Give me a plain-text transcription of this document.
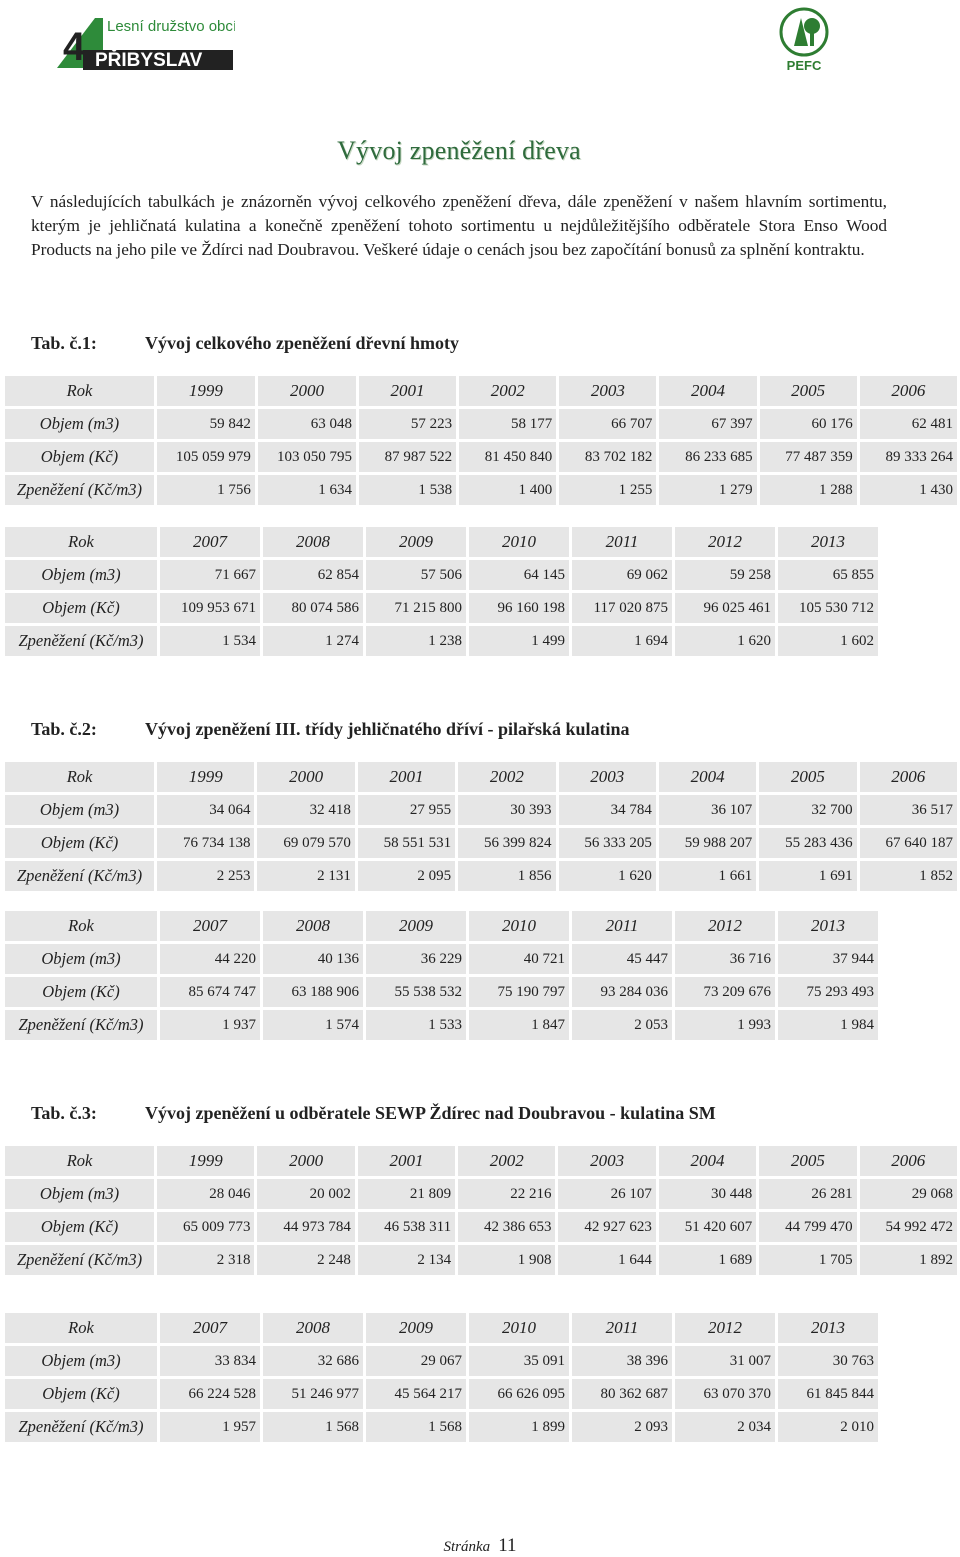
Lesní družstvo obcí
PŘIBYSLAV
4	PEFC
Vývoj zpeněžení dřeva
V následujících tabulkách je znázorněn vývoj celkového zpeněžení dřeva, dále zpeněžení v našem hlavním sortimentu, kterým je jehličnatá kulatina a konečně zpeněžení tohoto sortimentu u nejdůležitějšího odběratele Stora Enso Wood Products na jeho pile ve Ždírci nad Doubravou. Veškeré údaje o cenách jsou bez započítání bonusů za splnění kontraktu.
Tab. č.1:	Vývoj celkového zpeněžení dřevní hmoty
Rok	1999	2000	2001	2002	2003	2004	2005	2006
Objem (m3)	59 842	63 048	57 223	58 177	66 707	67 397	60 176	62 481
Objem (Kč)	105 059 979	103 050 795	87 987 522	81 450 840	83 702 182	86 233 685	77 487 359	89 333 264
Zpeněžení (Kč/m3)	1 756	1 634	1 538	1 400	1 255	1 279	1 288	1 430
Rok	2007	2008	2009	2010	2011	2012	2013
Objem (m3)	71 667	62 854	57 506	64 145	69 062	59 258	65 855
Objem (Kč)	109 953 671	80 074 586	71 215 800	96 160 198	117 020 875	96 025 461	105 530 712
Zpeněžení (Kč/m3)	1 534	1 274	1 238	1 499	1 694	1 620	1 602
Tab. č.2:	Vývoj zpeněžení III. třídy jehličnatého dříví - pilařská kulatina
Rok	1999	2000	2001	2002	2003	2004	2005	2006
Objem (m3)	34 064	32 418	27 955	30 393	34 784	36 107	32 700	36 517
Objem (Kč)	76 734 138	69 079 570	58 551 531	56 399 824	56 333 205	59 988 207	55 283 436	67 640 187
Zpeněžení (Kč/m3)	2 253	2 131	2 095	1 856	1 620	1 661	1 691	1 852
Rok	2007	2008	2009	2010	2011	2012	2013
Objem (m3)	44 220	40 136	36 229	40 721	45 447	36 716	37 944
Objem (Kč)	85 674 747	63 188 906	55 538 532	75 190 797	93 284 036	73 209 676	75 293 493
Zpeněžení (Kč/m3)	1 937	1 574	1 533	1 847	2 053	1 993	1 984
Tab. č.3:	Vývoj zpeněžení u odběratele SEWP Ždírec nad Doubravou - kulatina SM
Rok	1999	2000	2001	2002	2003	2004	2005	2006
Objem (m3)	28 046	20 002	21 809	22 216	26 107	30 448	26 281	29 068
Objem (Kč)	65 009 773	44 973 784	46 538 311	42 386 653	42 927 623	51 420 607	44 799 470	54 992 472
Zpeněžení (Kč/m3)	2 318	2 248	2 134	1 908	1 644	1 689	1 705	1 892
Rok	2007	2008	2009	2010	2011	2012	2013
Objem (m3)	33 834	32 686	29 067	35 091	38 396	31 007	30 763
Objem (Kč)	66 224 528	51 246 977	45 564 217	66 626 095	80 362 687	63 070 370	61 845 844
Zpeněžení (Kč/m3)	1 957	1 568	1 568	1 899	2 093	2 034	2 010
Stránka 11
